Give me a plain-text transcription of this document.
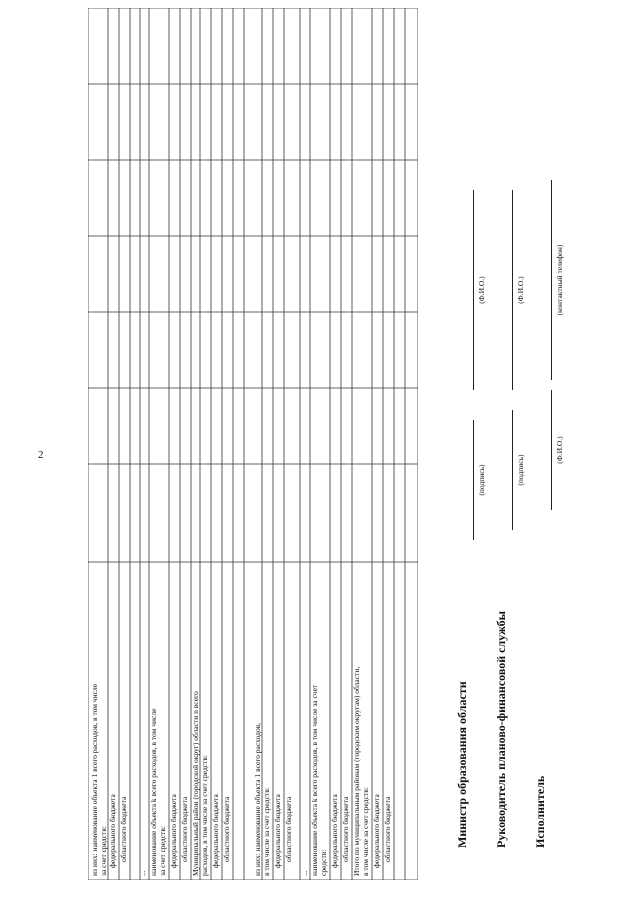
2
из них: наименование объекта 1 всего расходов, в том числе за счет средств: федерального бюджета областного бюджета
... наименование объекта k всего расходов, в том числе за счет средств: федерального бюджета областного бюджета Муниципальный район (городской округ) области n всего расходов, в том числе за счет средств: федерального бюджета областного бюджета	из них: наименование объекта 1 всего расходов, в том числе за счет средств: федерального бюджета областного бюджета
... наименование объекта k всего расходов, в том числе за счет средств: федерального бюджета областного бюджета Итого по муниципальным районам (городским округам) области, в том числе за счет средств: федерального бюджета областного бюджета	Министр образования области Руководитель планово-финансовой службы Исполнитель
(подпись)
(Ф.И.О.)
(подпись)
(Ф.И.О.)
(Ф.И.О.)
(контактный телефон)
